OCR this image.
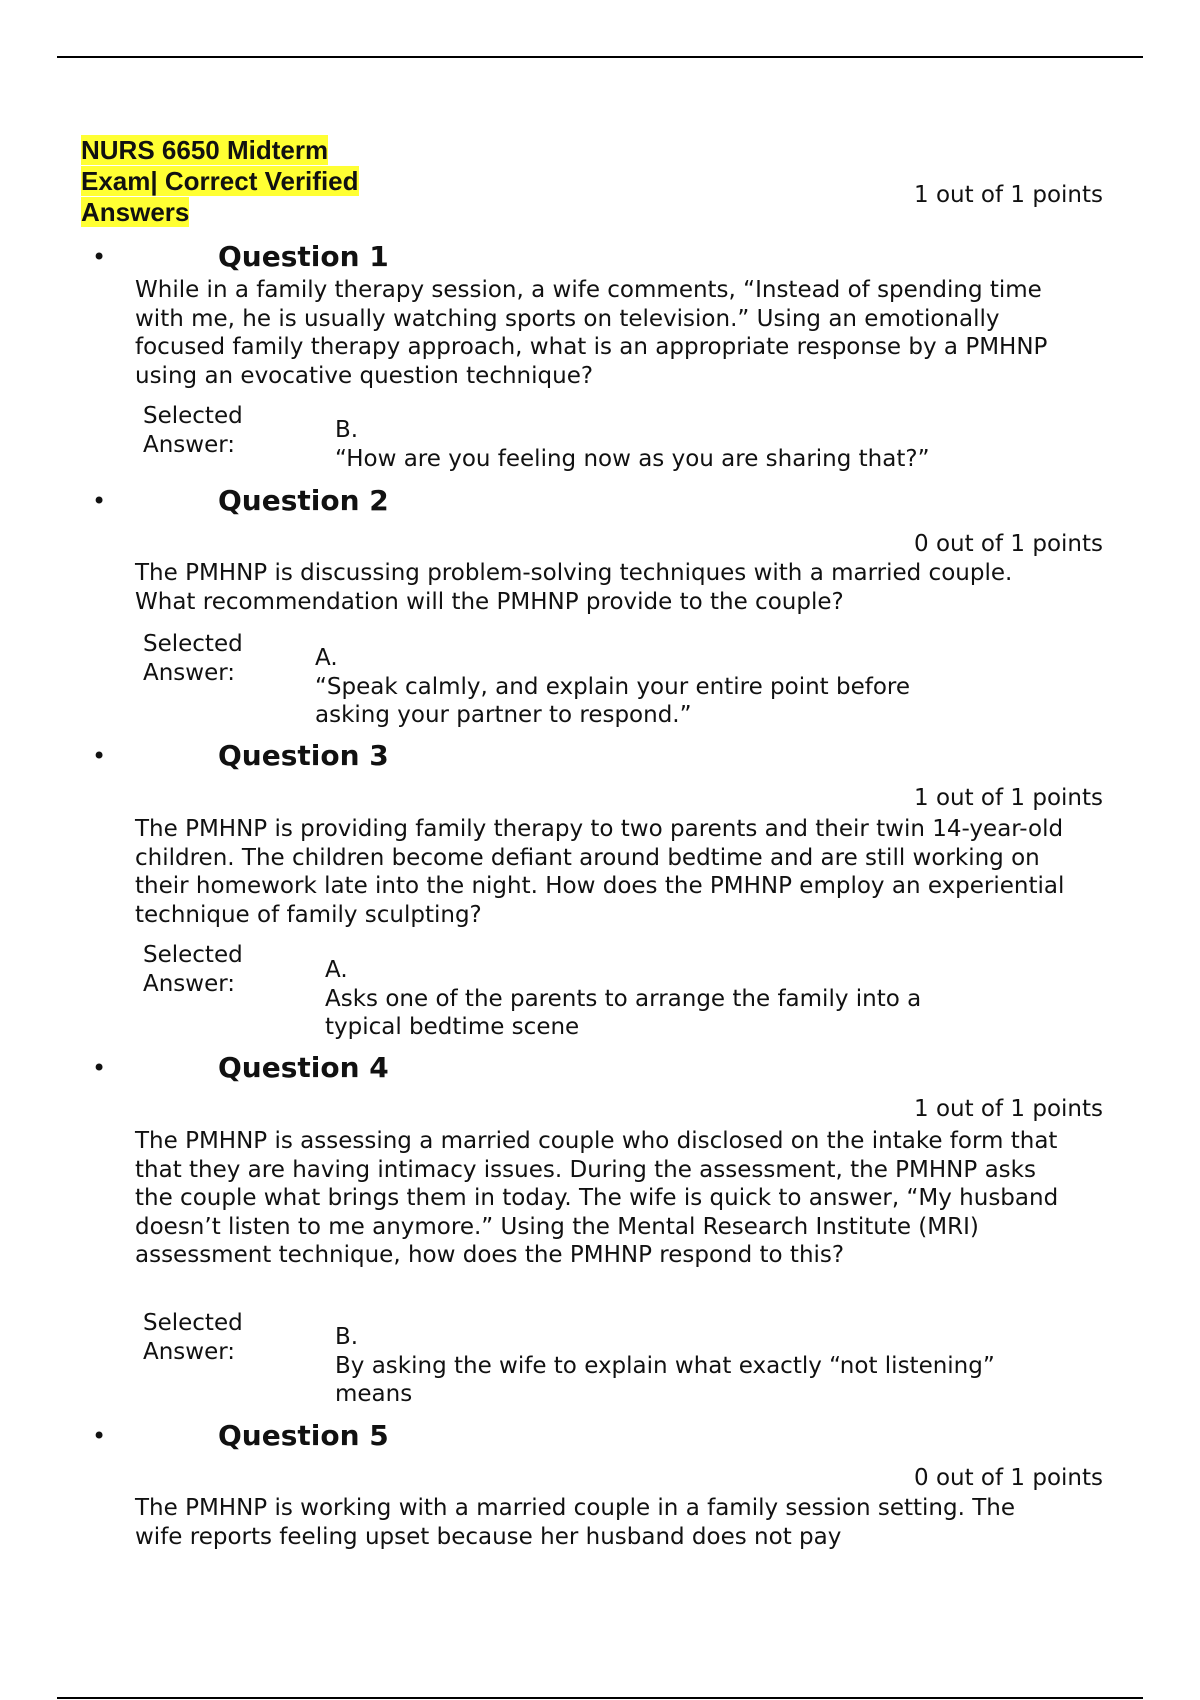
NURS 6650 Midterm Exam| Correct Verified Answers
1 out of 1 points
•	Question 1
While in a family therapy session, a wife comments, “Instead of spending time with me, he is usually watching sports on television.” Using an emotionally focused family therapy approach, what is an appropriate response by a PMHNP using an evocative question technique?
Selected Answer:
B.
“How are you feeling now as you are sharing that?”
•	Question 2
0 out of 1 points
The PMHNP is discussing problem-solving techniques with a married couple. What recommendation will the PMHNP provide to the couple?
Selected Answer:
A.
“Speak calmly, and explain your entire point before asking your partner to respond.”
•	Question 3
1 out of 1 points
The PMHNP is providing family therapy to two parents and their twin 14-year-old children. The children become defiant around bedtime and are still working on their homework late into the night. How does the PMHNP employ an experiential technique of family sculpting?
Selected Answer:
A.
Asks one of the parents to arrange the family into a typical bedtime scene
•	Question 4
1 out of 1 points
The PMHNP is assessing a married couple who disclosed on the intake form that that they are having intimacy issues. During the assessment, the PMHNP asks the couple what brings them in today. The wife is quick to answer, “My husband doesn’t listen to me anymore.” Using the Mental Research Institute (MRI) assessment technique, how does the PMHNP respond to this?
Selected Answer:
B.
By asking the wife to explain what exactly “not listening” means
•	Question 5
0 out of 1 points
The PMHNP is working with a married couple in a family session setting. The wife reports feeling upset because her husband does not pay
